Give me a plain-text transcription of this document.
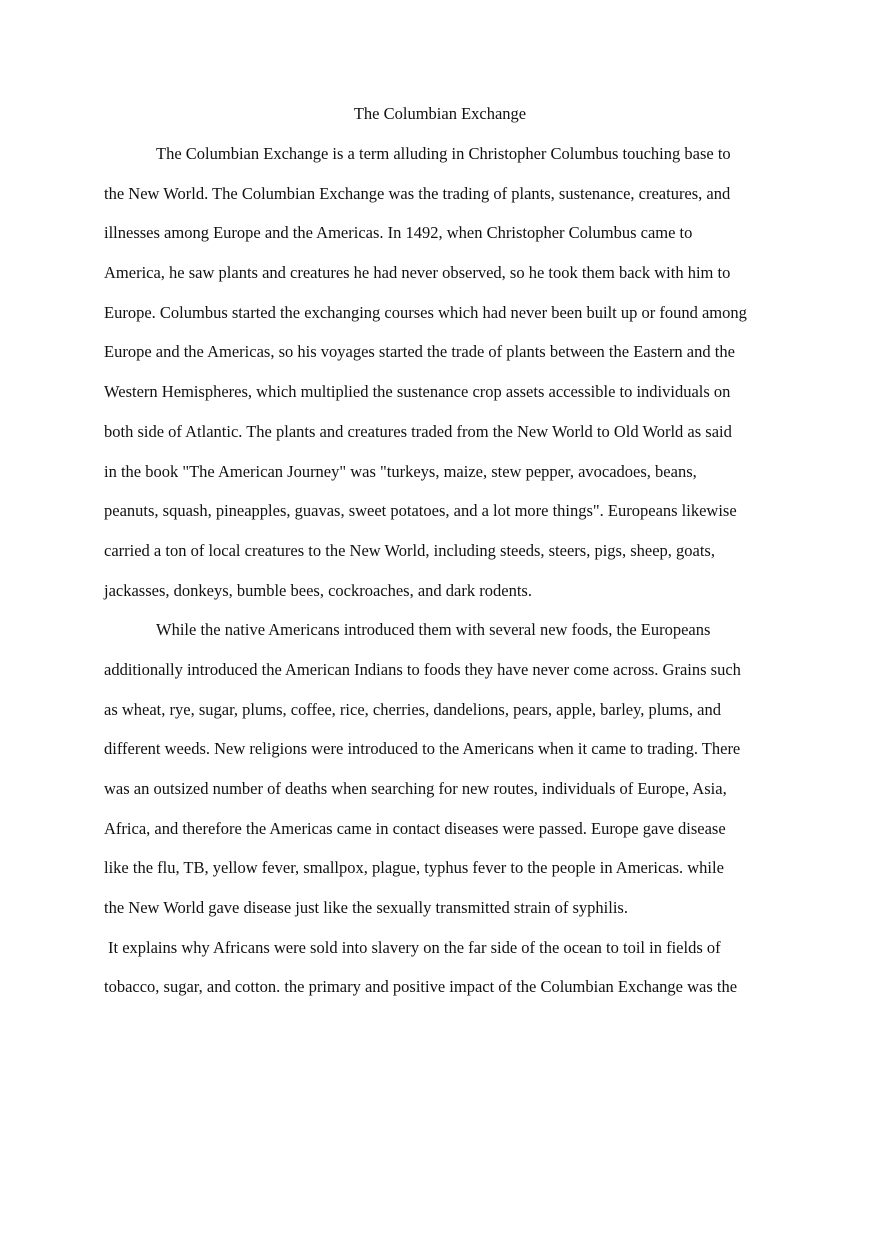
The Columbian Exchange
The Columbian Exchange is a term alluding in Christopher Columbus touching base to
the New World. The Columbian Exchange was the trading of plants, sustenance, creatures, and
illnesses among Europe and the Americas. In 1492, when Christopher Columbus came to
America, he saw plants and creatures he had never observed, so he took them back with him to
Europe. Columbus started the exchanging courses which had never been built up or found among
Europe and the Americas, so his voyages started the trade of plants between the Eastern and the
Western Hemispheres, which multiplied the sustenance crop assets accessible to individuals on
both side of Atlantic. The plants and creatures traded from the New World to Old World as said
in the book "The American Journey" was "turkeys, maize, stew pepper, avocadoes, beans,
peanuts, squash, pineapples, guavas, sweet potatoes, and a lot more things". Europeans likewise
carried a ton of local creatures to the New World, including steeds, steers, pigs, sheep, goats,
jackasses, donkeys, bumble bees, cockroaches, and dark rodents.
While the native Americans introduced them with several new foods, the Europeans
additionally introduced the American Indians to foods they have never come across. Grains such
as wheat, rye, sugar, plums, coffee, rice, cherries, dandelions, pears, apple, barley, plums, and
different weeds. New religions were introduced to the Americans when it came to trading. There
was an outsized number of deaths when searching for new routes, individuals of Europe, Asia,
Africa, and therefore the Americas came in contact diseases were passed. Europe gave disease
like the flu, TB, yellow fever, smallpox, plague, typhus fever to the people in Americas. while
the New World gave disease just like the sexually transmitted strain of syphilis.
It explains why Africans were sold into slavery on the far side of the ocean to toil in fields of
tobacco, sugar, and cotton. the primary and positive impact of the Columbian Exchange was the
